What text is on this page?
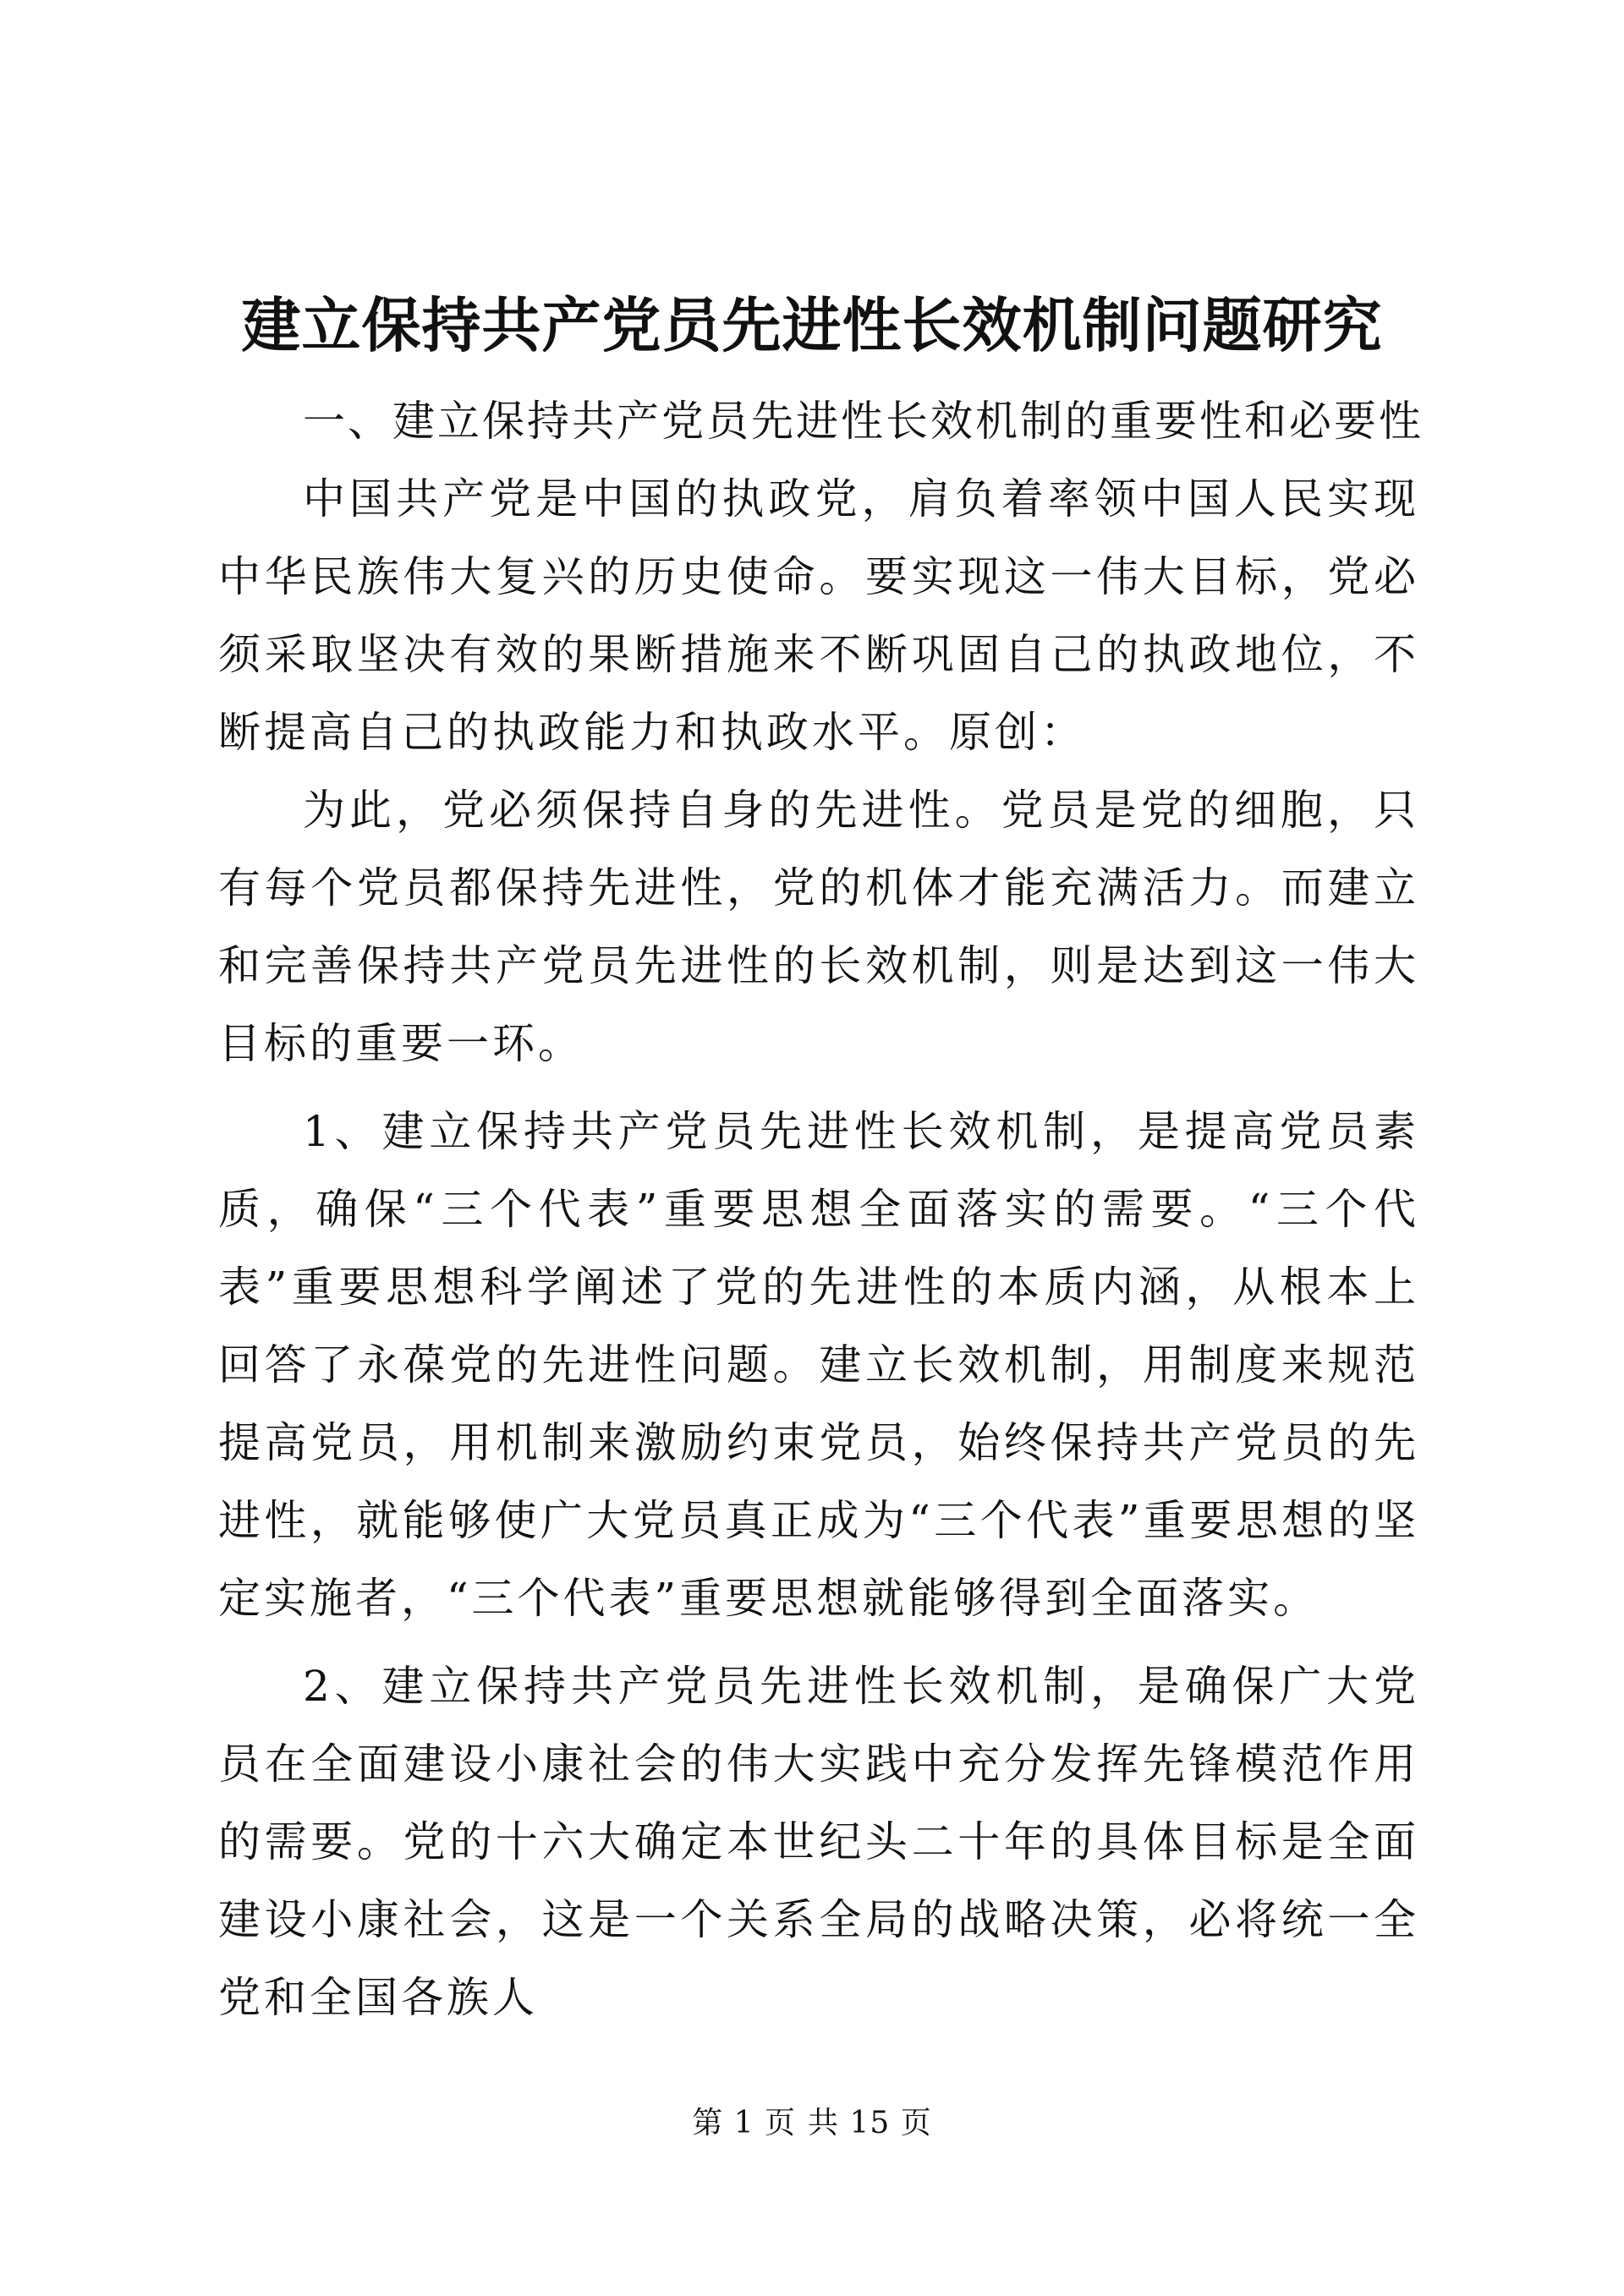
建立保持共产党员先进性长效机制问题研究

一、建立保持共产党员先进性长效机制的重要性和必要性

中国共产党是中国的执政党，肩负着率领中国人民实现中华民族伟大复兴的历史使命。要实现这一伟大目标，党必须采取坚决有效的果断措施来不断巩固自己的执政地位，不断提高自己的执政能力和执政水平。原创：

为此，党必须保持自身的先进性。党员是党的细胞，只有每个党员都保持先进性，党的机体才能充满活力。而建立和完善保持共产党员先进性的长效机制，则是达到这一伟大目标的重要一环。

1、建立保持共产党员先进性长效机制，是提高党员素质，确保“三个代表”重要思想全面落实的需要。“三个代表”重要思想科学阐述了党的先进性的本质内涵，从根本上回答了永葆党的先进性问题。建立长效机制，用制度来规范提高党员，用机制来激励约束党员，始终保持共产党员的先进性，就能够使广大党员真正成为“三个代表”重要思想的坚定实施者，“三个代表”重要思想就能够得到全面落实。

2、建立保持共产党员先进性长效机制，是确保广大党员在全面建设小康社会的伟大实践中充分发挥先锋模范作用的需要。党的十六大确定本世纪头二十年的具体目标是全面建设小康社会，这是一个关系全局的战略决策，必将统一全党和全国各族人

第 1 页 共 15 页
